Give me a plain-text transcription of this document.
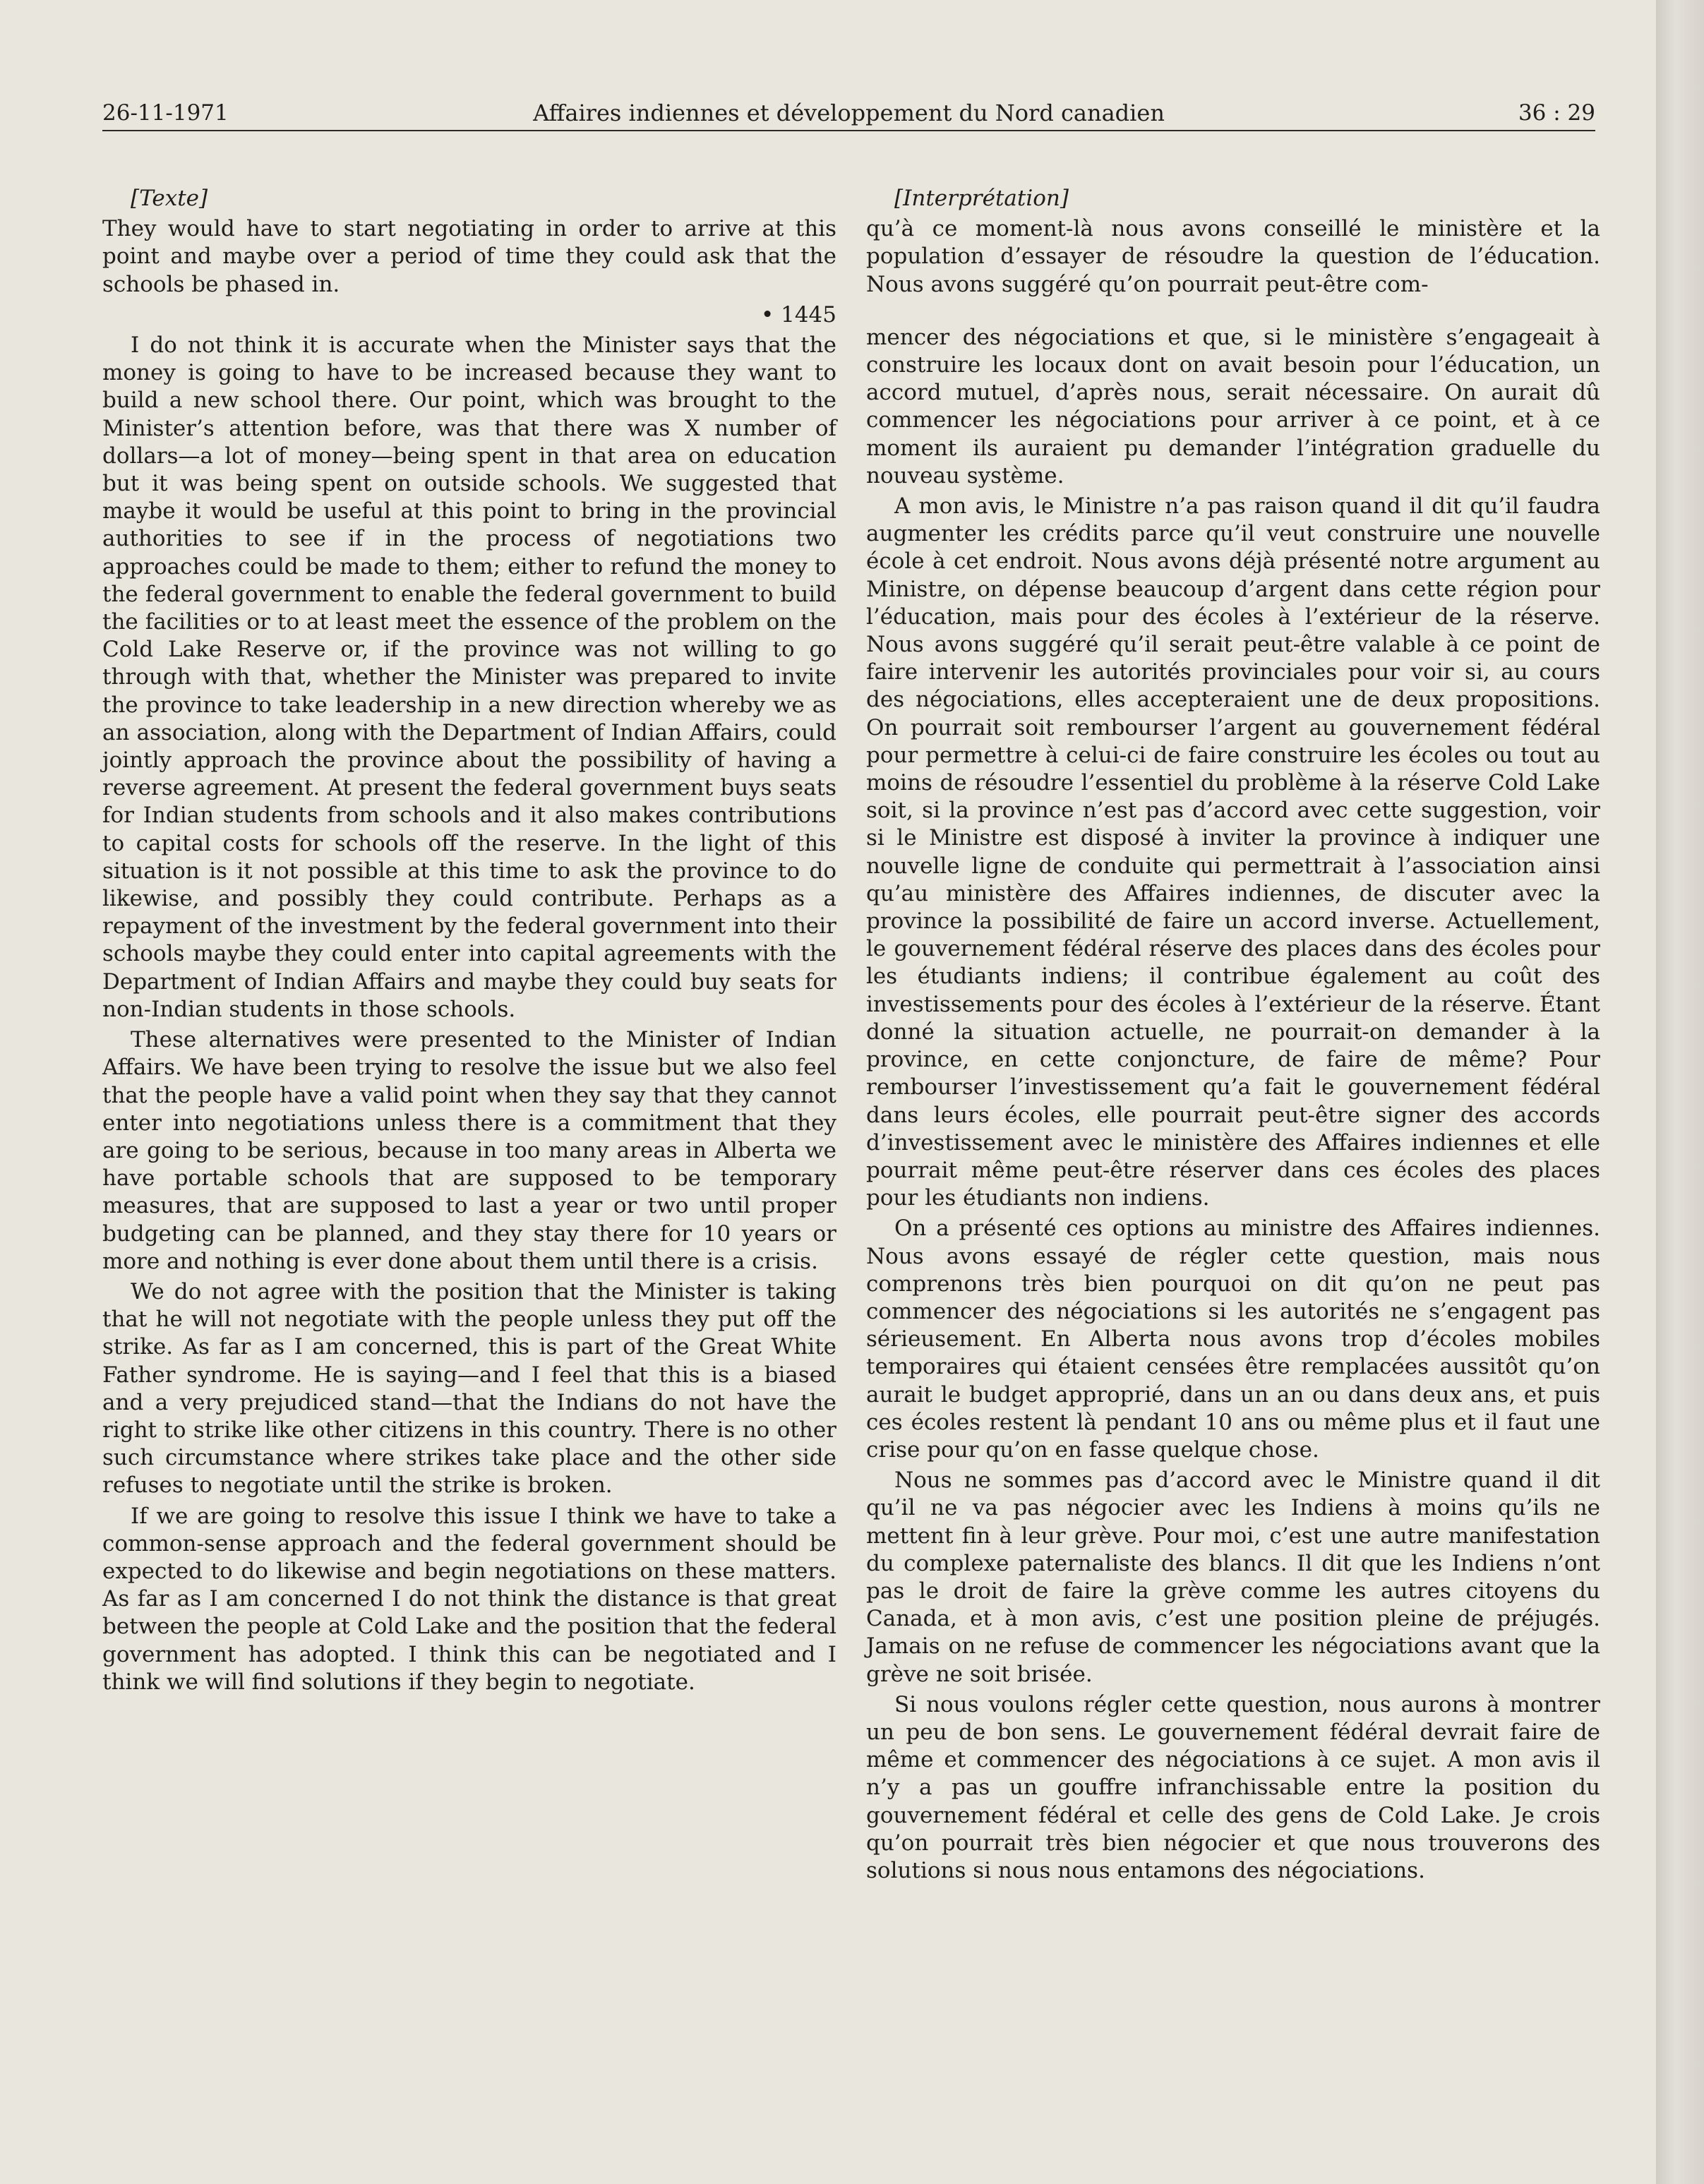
26-11-1971	Affaires indiennes et développement du Nord canadien	36 : 29

[Texte]

They would have to start negotiating in order to arrive at this point and maybe over a period of time they could ask that the schools be phased in.

• 1445

I do not think it is accurate when the Minister says that the money is going to have to be increased because they want to build a new school there. Our point, which was brought to the Minister’s attention before, was that there was X number of dollars—a lot of money—being spent in that area on education but it was being spent on outside schools. We suggested that maybe it would be useful at this point to bring in the provincial authorities to see if in the process of negotiations two approaches could be made to them; either to refund the money to the federal government to enable the federal government to build the facilities or to at least meet the essence of the problem on the Cold Lake Reserve or, if the province was not willing to go through with that, whether the Minister was prepared to invite the province to take leadership in a new direction whereby we as an association, along with the Department of Indian Affairs, could jointly approach the province about the possibility of having a reverse agreement. At present the federal government buys seats for Indian students from schools and it also makes contributions to capital costs for schools off the reserve. In the light of this situation is it not possible at this time to ask the province to do likewise, and possibly they could contribute. Perhaps as a repayment of the investment by the federal government into their schools maybe they could enter into capital agreements with the Department of Indian Affairs and maybe they could buy seats for non-Indian students in those schools.

These alternatives were presented to the Minister of Indian Affairs. We have been trying to resolve the issue but we also feel that the people have a valid point when they say that they cannot enter into negotiations unless there is a commitment that they are going to be serious, because in too many areas in Alberta we have portable schools that are supposed to be temporary measures, that are supposed to last a year or two until proper budgeting can be planned, and they stay there for 10 years or more and nothing is ever done about them until there is a crisis.

We do not agree with the position that the Minister is taking that he will not negotiate with the people unless they put off the strike. As far as I am concerned, this is part of the Great White Father syndrome. He is saying—and I feel that this is a biased and a very prejudiced stand—that the Indians do not have the right to strike like other citizens in this country. There is no other such circumstance where strikes take place and the other side refuses to negotiate until the strike is broken.

If we are going to resolve this issue I think we have to take a common-sense approach and the federal government should be expected to do likewise and begin negotiations on these matters. As far as I am concerned I do not think the distance is that great between the people at Cold Lake and the position that the federal government has adopted. I think this can be negotiated and I think we will find solutions if they begin to negotiate.

[Interprétation]

qu’à ce moment-là nous avons conseillé le ministère et la population d’essayer de résoudre la question de l’éducation. Nous avons suggéré qu’on pourrait peut-être com-

mencer des négociations et que, si le ministère s’engageait à construire les locaux dont on avait besoin pour l’éducation, un accord mutuel, d’après nous, serait nécessaire. On aurait dû commencer les négociations pour arriver à ce point, et à ce moment ils auraient pu demander l’intégration graduelle du nouveau système.

A mon avis, le Ministre n’a pas raison quand il dit qu’il faudra augmenter les crédits parce qu’il veut construire une nouvelle école à cet endroit. Nous avons déjà présenté notre argument au Ministre, on dépense beaucoup d’argent dans cette région pour l’éducation, mais pour des écoles à l’extérieur de la réserve. Nous avons suggéré qu’il serait peut-être valable à ce point de faire intervenir les autorités provinciales pour voir si, au cours des négociations, elles accepteraient une de deux propositions. On pourrait soit rembourser l’argent au gouvernement fédéral pour permettre à celui-ci de faire construire les écoles ou tout au moins de résoudre l’essentiel du problème à la réserve Cold Lake soit, si la province n’est pas d’accord avec cette suggestion, voir si le Ministre est disposé à inviter la province à indiquer une nouvelle ligne de conduite qui permettrait à l’association ainsi qu’au ministère des Affaires indiennes, de discuter avec la province la possibilité de faire un accord inverse. Actuellement, le gouvernement fédéral réserve des places dans des écoles pour les étudiants indiens; il contribue également au coût des investissements pour des écoles à l’extérieur de la réserve. Étant donné la situation actuelle, ne pourrait-on demander à la province, en cette conjoncture, de faire de même? Pour rembourser l’investissement qu’a fait le gouvernement fédéral dans leurs écoles, elle pourrait peut-être signer des accords d’investissement avec le ministère des Affaires indiennes et elle pourrait même peut-être réserver dans ces écoles des places pour les étudiants non indiens.

On a présenté ces options au ministre des Affaires indiennes. Nous avons essayé de régler cette question, mais nous comprenons très bien pourquoi on dit qu’on ne peut pas commencer des négociations si les autorités ne s’engagent pas sérieusement. En Alberta nous avons trop d’écoles mobiles temporaires qui étaient censées être remplacées aussitôt qu’on aurait le budget approprié, dans un an ou dans deux ans, et puis ces écoles restent là pendant 10 ans ou même plus et il faut une crise pour qu’on en fasse quelque chose.

Nous ne sommes pas d’accord avec le Ministre quand il dit qu’il ne va pas négocier avec les Indiens à moins qu’ils ne mettent fin à leur grève. Pour moi, c’est une autre manifestation du complexe paternaliste des blancs. Il dit que les Indiens n’ont pas le droit de faire la grève comme les autres citoyens du Canada, et à mon avis, c’est une position pleine de préjugés. Jamais on ne refuse de commencer les négociations avant que la grève ne soit brisée.

Si nous voulons régler cette question, nous aurons à montrer un peu de bon sens. Le gouvernement fédéral devrait faire de même et commencer des négociations à ce sujet. A mon avis il n’y a pas un gouffre infranchissable entre la position du gouvernement fédéral et celle des gens de Cold Lake. Je crois qu’on pourrait très bien négocier et que nous trouverons des solutions si nous nous entamons des négociations.
